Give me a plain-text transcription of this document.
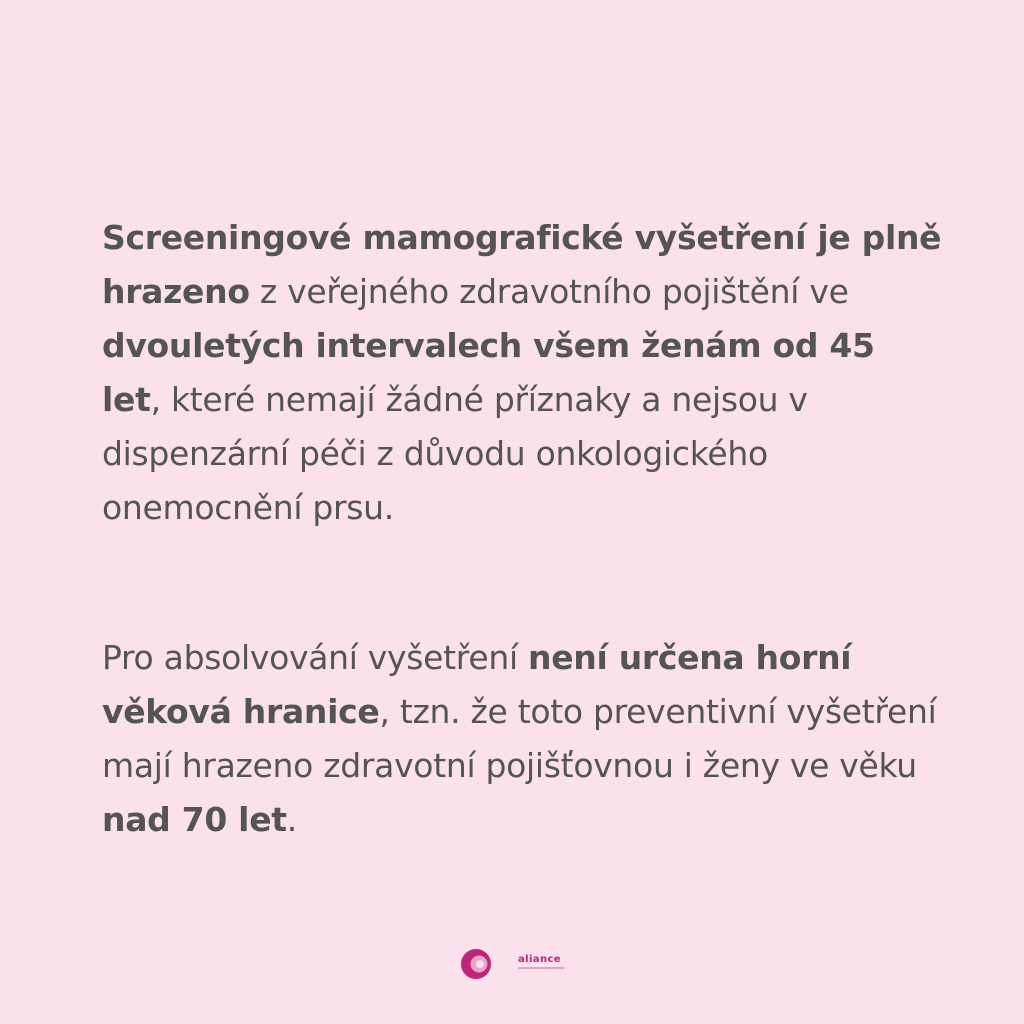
Screeningové mamografické vyšetření je plně hrazeno z veřejného zdravotního pojištění ve dvouletých intervalech všem ženám od 45 let, které nemají žádné příznaky a nejsou v dispenzární péči z důvodu onkologického onemocnění prsu.

Pro absolvování vyšetření není určena horní věková hranice, tzn. že toto preventivní vyšetření mají hrazeno zdravotní pojišťovnou i ženy ve věku nad 70 let.

aliance
